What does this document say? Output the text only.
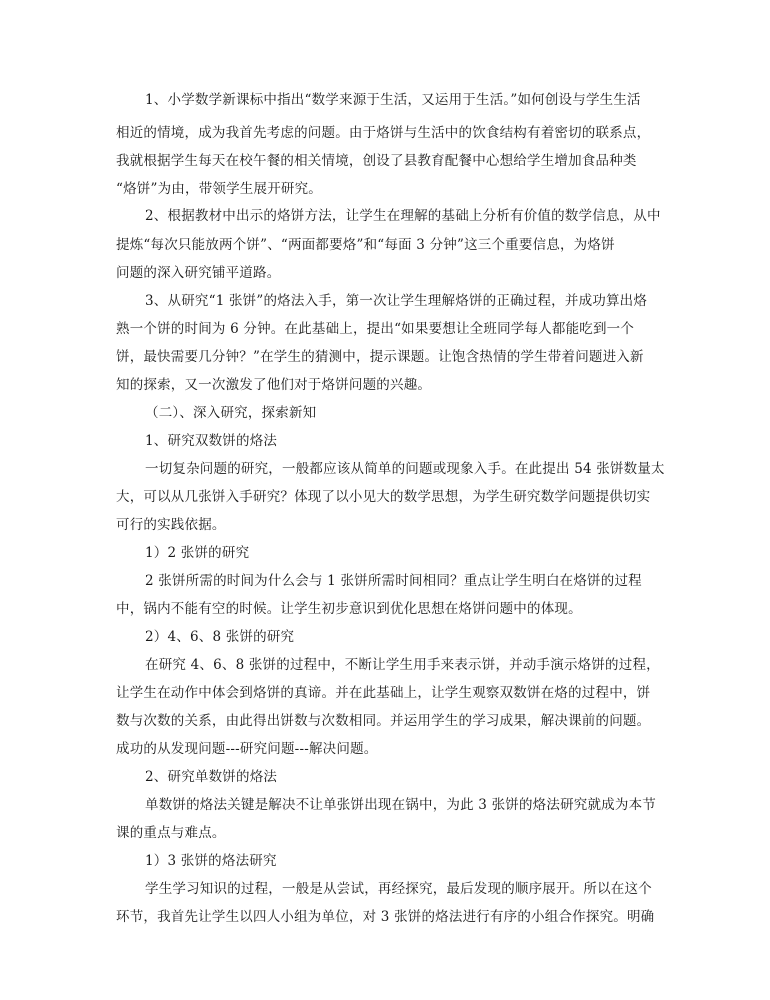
1、小学数学新课标中指出“数学来源于生活，又运用于生活。”如何创设与学生生活
相近的情境，成为我首先考虑的问题。由于烙饼与生活中的饮食结构有着密切的联系点，
我就根据学生每天在校午餐的相关情境，创设了县教育配餐中心想给学生增加食品种类
“烙饼”为由，带领学生展开研究。
2、根据教材中出示的烙饼方法，让学生在理解的基础上分析有价值的数学信息，从中
提炼“每次只能放两个饼”、“两面都要烙”和“每面 3 分钟”这三个重要信息，为烙饼
问题的深入研究铺平道路。
3、从研究“1 张饼”的烙法入手，第一次让学生理解烙饼的正确过程，并成功算出烙
熟一个饼的时间为 6 分钟。在此基础上，提出“如果要想让全班同学每人都能吃到一个
饼，最快需要几分钟？”在学生的猜测中，提示课题。让饱含热情的学生带着问题进入新
知的探索，又一次激发了他们对于烙饼问题的兴趣。
（二）、深入研究，探索新知
1、研究双数饼的烙法
一切复杂问题的研究，一般都应该从简单的问题或现象入手。在此提出 54 张饼数量太
大，可以从几张饼入手研究？体现了以小见大的数学思想，为学生研究数学问题提供切实
可行的实践依据。
1）2 张饼的研究
2 张饼所需的时间为什么会与 1 张饼所需时间相同？重点让学生明白在烙饼的过程
中，锅内不能有空的时候。让学生初步意识到优化思想在烙饼问题中的体现。
2）4、6、8 张饼的研究
在研究 4、6、8 张饼的过程中，不断让学生用手来表示饼，并动手演示烙饼的过程，
让学生在动作中体会到烙饼的真谛。并在此基础上，让学生观察双数饼在烙的过程中，饼
数与次数的关系，由此得出饼数与次数相同。并运用学生的学习成果，解决课前的问题。
成功的从发现问题---研究问题---解决问题。
2、研究单数饼的烙法
单数饼的烙法关键是解决不让单张饼出现在锅中，为此 3 张饼的烙法研究就成为本节
课的重点与难点。
1）3 张饼的烙法研究
学生学习知识的过程，一般是从尝试，再经探究，最后发现的顺序展开。所以在这个
环节，我首先让学生以四人小组为单位，对 3 张饼的烙法进行有序的小组合作探究。明确
